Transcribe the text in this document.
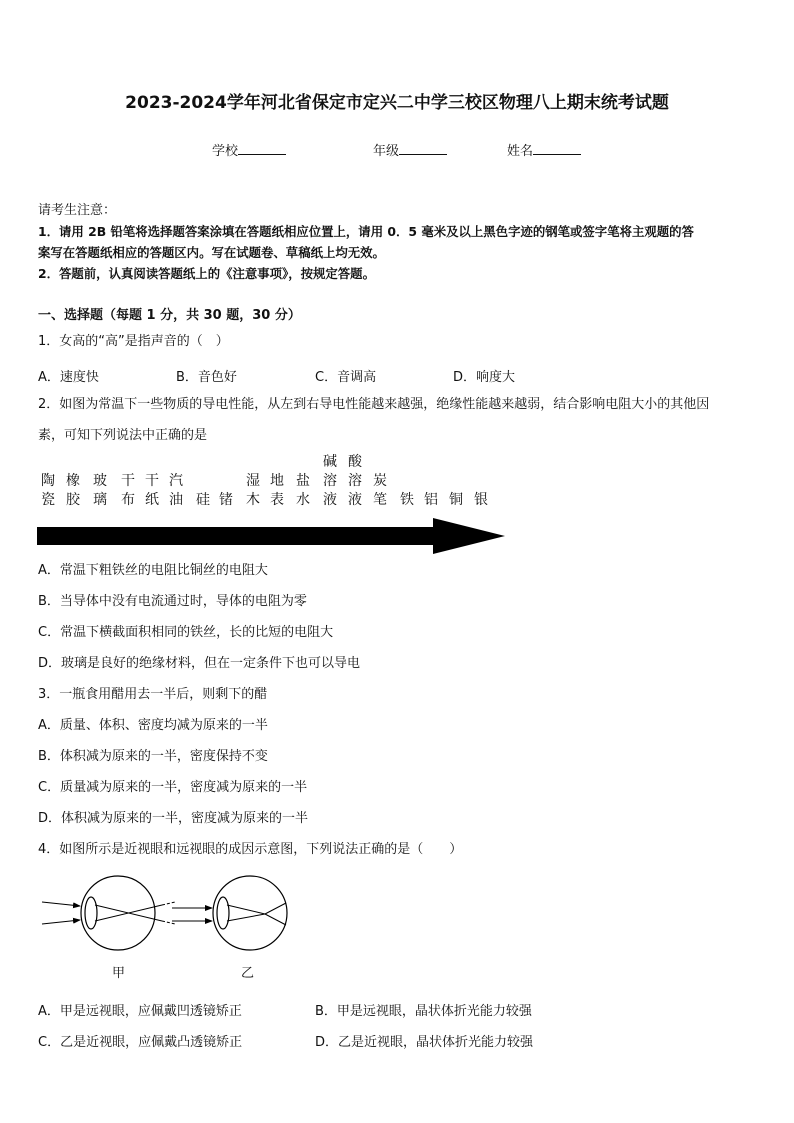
2023-2024学年河北省保定市定兴二中学三校区物理八上期末统考试题
学校	年级	姓名
请考生注意：
1．请用 2B 铅笔将选择题答案涂填在答题纸相应位置上，请用 0．5 毫米及以上黑色字迹的钢笔或签字笔将主观题的答
案写在答题纸相应的答题区内。写在试题卷、草稿纸上均无效。
2．答题前，认真阅读答题纸上的《注意事项》，按规定答题。
一、选择题（每题 1 分，共 30 题，30 分）
1．女高的“高”是指声音的（　）
A．速度快	B．音色好	C．音调高	D．响度大
2．如图为常温下一些物质的导电性能，从左到右导电性能越来越强，绝缘性能越来越弱，结合影响电阻大小的其他因
素，可知下列说法中正确的是
陶
瓷
橡
胶
玻
璃
干
布
干
纸
汽
油 硅 锗
湿
木
地
表
盐
水
碱
溶
液
酸
溶
液
炭
笔 铁 铝 铜 银
A．常温下粗铁丝的电阻比铜丝的电阻大
B．当导体中没有电流通过时，导体的电阻为零
C．常温下横截面积相同的铁丝，长的比短的电阻大
D．玻璃是良好的绝缘材料，但在一定条件下也可以导电
3．一瓶食用醋用去一半后，则剩下的醋
A．质量、体积、密度均减为原来的一半
B．体积减为原来的一半，密度保持不变
C．质量减为原来的一半，密度减为原来的一半
D．体积减为原来的一半，密度减为原来的一半
4．如图所示是近视眼和远视眼的成因示意图，下列说法正确的是（　　）
甲	乙
A．甲是远视眼，应佩戴凹透镜矫正	B．甲是远视眼，晶状体折光能力较强
C．乙是近视眼，应佩戴凸透镜矫正	D．乙是近视眼，晶状体折光能力较强
